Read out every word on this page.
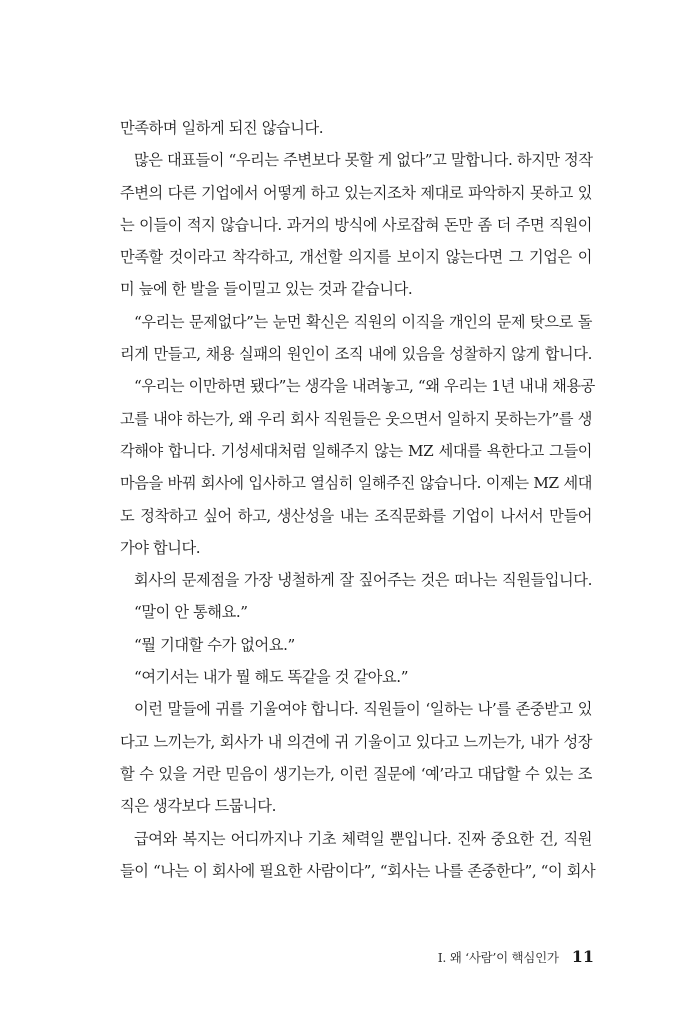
만족하며 일하게 되진 않습니다.
많은 대표들이 “우리는 주변보다 못할 게 없다”고 말합니다. 하지만 정작
주변의 다른 기업에서 어떻게 하고 있는지조차 제대로 파악하지 못하고 있
는 이들이 적지 않습니다. 과거의 방식에 사로잡혀 돈만 좀 더 주면 직원이
만족할 것이라고 착각하고, 개선할 의지를 보이지 않는다면 그 기업은 이
미 늪에 한 발을 들이밀고 있는 것과 같습니다.
“우리는 문제없다”는 눈먼 확신은 직원의 이직을 개인의 문제 탓으로 돌
리게 만들고, 채용 실패의 원인이 조직 내에 있음을 성찰하지 않게 합니다.
“우리는 이만하면 됐다”는 생각을 내려놓고, “왜 우리는 1년 내내 채용공
고를 내야 하는가, 왜 우리 회사 직원들은 웃으면서 일하지 못하는가”를 생
각해야 합니다. 기성세대처럼 일해주지 않는 MZ 세대를 욕한다고 그들이
마음을 바꿔 회사에 입사하고 열심히 일해주진 않습니다. 이제는 MZ 세대
도 정착하고 싶어 하고, 생산성을 내는 조직문화를 기업이 나서서 만들어
가야 합니다.
회사의 문제점을 가장 냉철하게 잘 짚어주는 것은 떠나는 직원들입니다.
“말이 안 통해요.”
“뭘 기대할 수가 없어요.”
“여기서는 내가 뭘 해도 똑같을 것 같아요.”
이런 말들에 귀를 기울여야 합니다. 직원들이 ‘일하는 나’를 존중받고 있
다고 느끼는가, 회사가 내 의견에 귀 기울이고 있다고 느끼는가, 내가 성장
할 수 있을 거란 믿음이 생기는가, 이런 질문에 ‘예’라고 대답할 수 있는 조
직은 생각보다 드뭅니다.
급여와 복지는 어디까지나 기초 체력일 뿐입니다. 진짜 중요한 건, 직원
들이 “나는 이 회사에 필요한 사람이다”, “회사는 나를 존중한다”, “이 회사
I. 왜 ‘사람’이 핵심인가 11
